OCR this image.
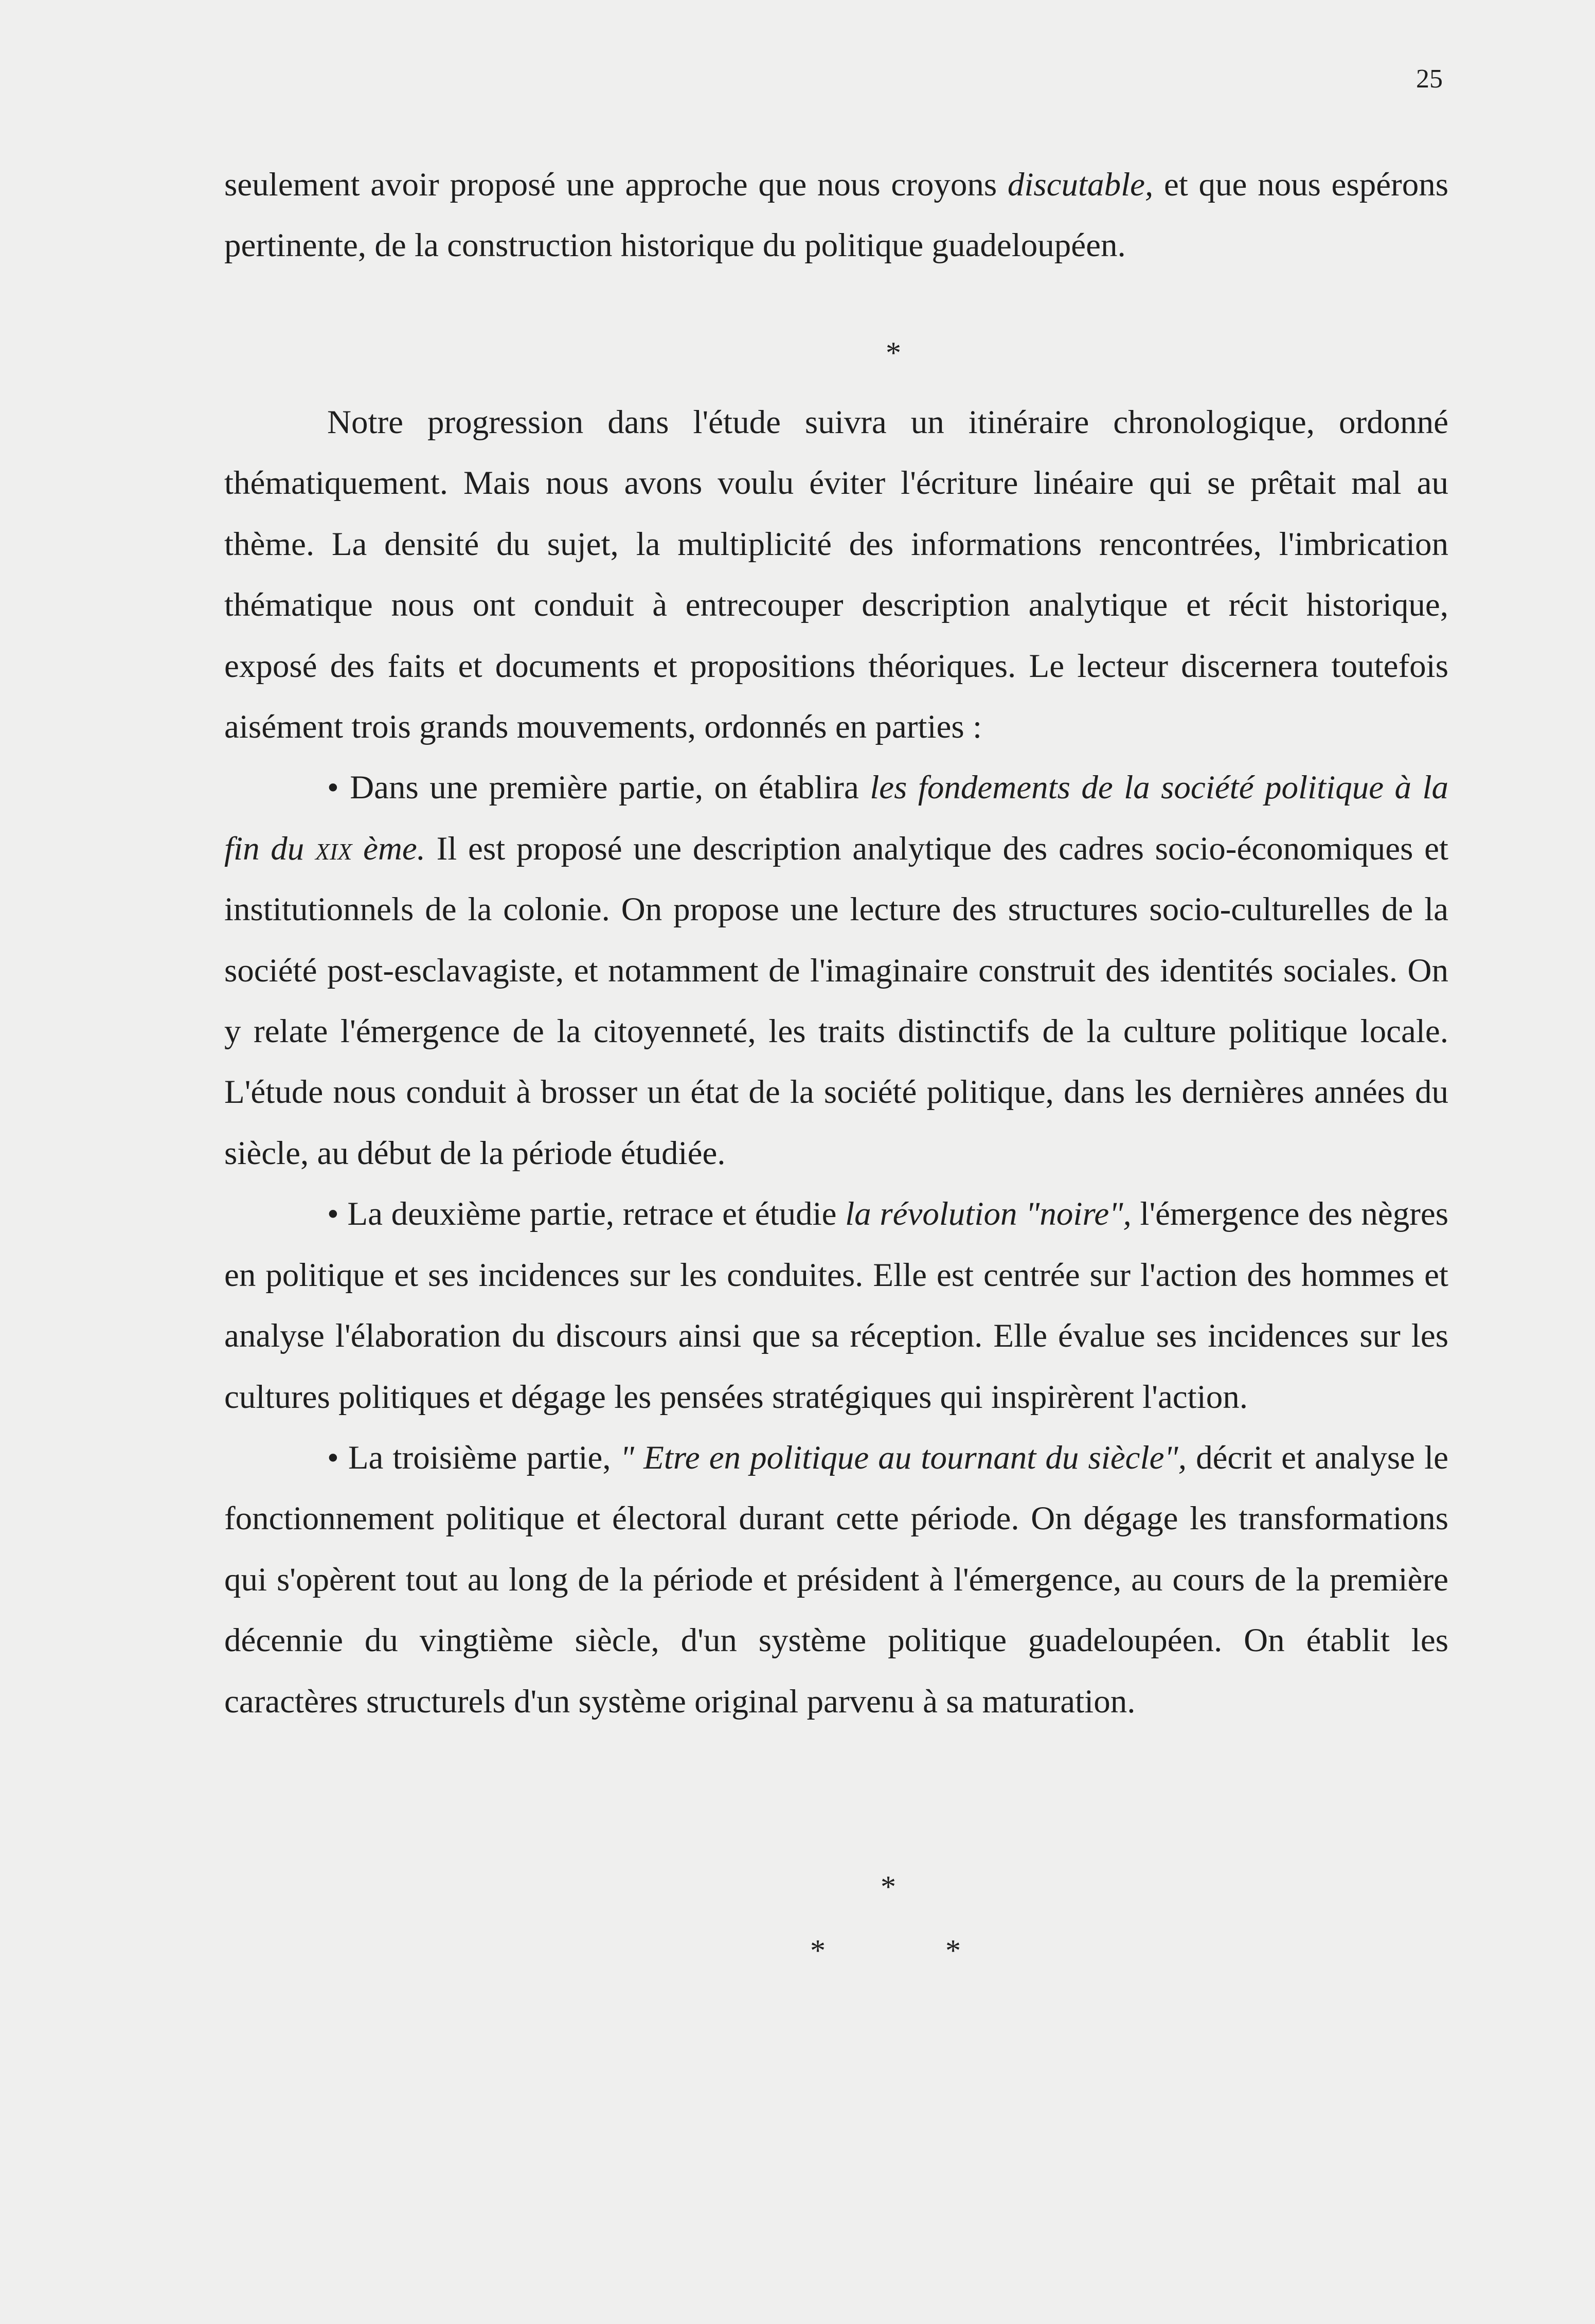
25

seulement avoir proposé une approche que nous croyons discutable, et que nous espérons pertinente, de la construction historique du politique guadeloupéen.

*

Notre progression dans l'étude suivra un itinéraire chronologique, ordonné thématiquement. Mais nous avons voulu éviter l'écriture linéaire qui se prêtait mal au thème. La densité du sujet, la multiplicité des informations rencontrées, l'imbrication thématique nous ont conduit à entrecouper description analytique et récit historique, exposé des faits et documents et propositions théoriques. Le lecteur discernera toutefois aisément trois grands mouvements, ordonnés en parties :

• Dans une première partie, on établira les fondements de la société politique à la fin du xix ème. Il est proposé une description analytique des cadres socio-économiques et institutionnels de la colonie. On propose une lecture des structures socio-culturelles de la société post-esclavagiste, et notamment de l'imaginaire construit des identités sociales. On y relate l'émergence de la citoyenneté, les traits distinctifs de la culture politique locale. L'étude nous conduit à brosser un état de la société politique, dans les dernières années du siècle, au début de la période étudiée.

• La deuxième partie, retrace et étudie la révolution "noire", l'émergence des nègres en politique et ses incidences sur les conduites. Elle est centrée sur l'action des hommes et analyse l'élaboration du discours ainsi que sa réception. Elle évalue ses incidences sur les cultures politiques et dégage les pensées stratégiques qui inspirèrent l'action.

• La troisième partie, " Etre en politique au tournant du siècle", décrit et analyse le fonctionnement politique et électoral durant cette période. On dégage les transformations qui s'opèrent tout au long de la période et président à l'émergence, au cours de la première décennie du vingtième siècle, d'un système politique guadeloupéen. On établit les caractères structurels d'un système original parvenu à sa maturation.

*
*	*
